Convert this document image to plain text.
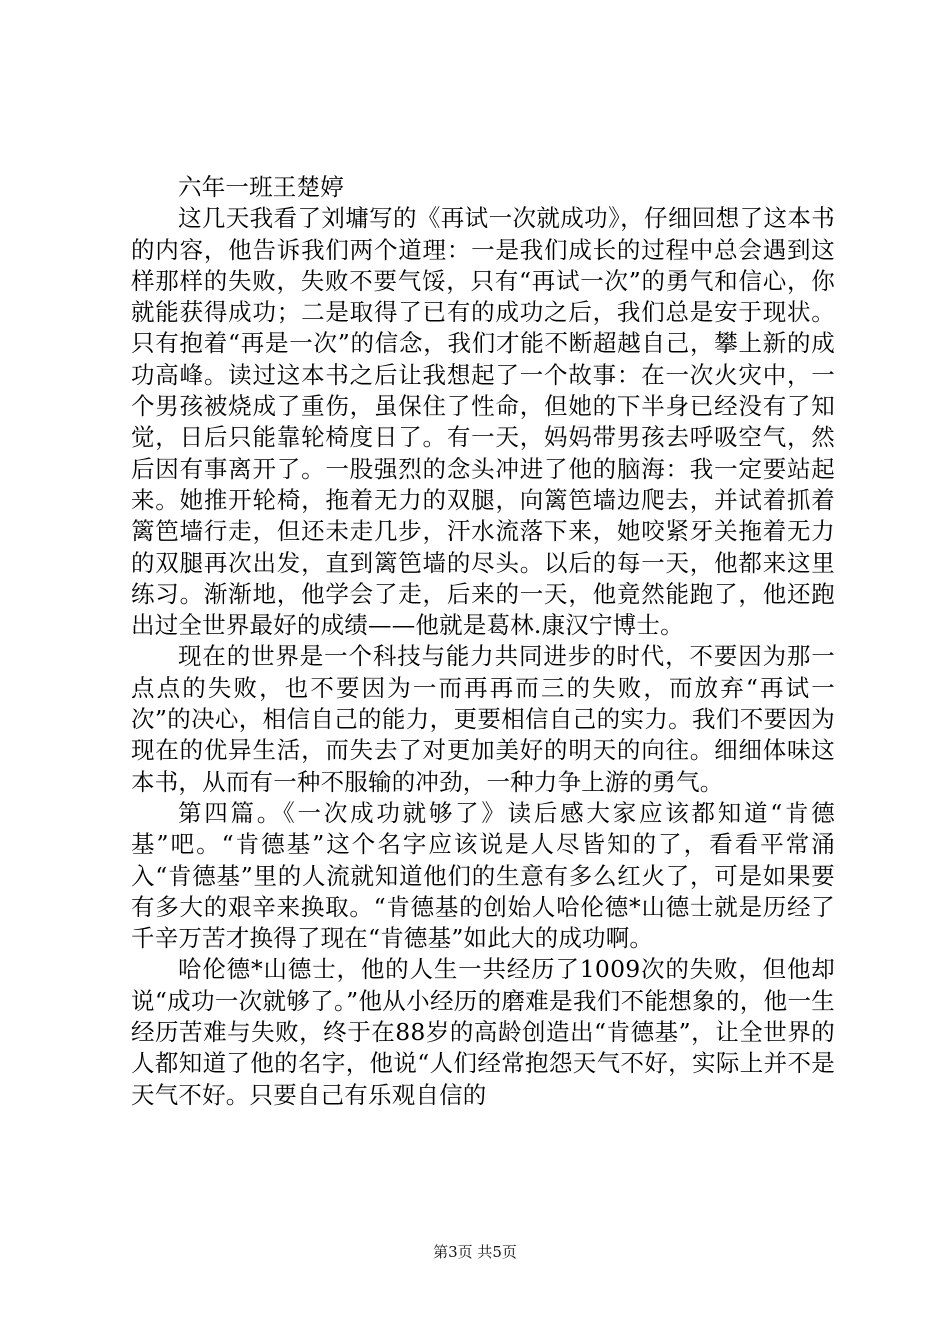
六年一班王楚婷

这几天我看了刘墉写的《再试一次就成功》，仔细回想了这本书的内容，他告诉我们两个道理：一是我们成长的过程中总会遇到这样那样的失败，失败不要气馁，只有“再试一次”的勇气和信心，你就能获得成功；二是取得了已有的成功之后，我们总是安于现状。只有抱着“再是一次”的信念，我们才能不断超越自己，攀上新的成功高峰。读过这本书之后让我想起了一个故事：在一次火灾中，一个男孩被烧成了重伤，虽保住了性命，但她的下半身已经没有了知觉，日后只能靠轮椅度日了。有一天，妈妈带男孩去呼吸空气，然后因有事离开了。一股强烈的念头冲进了他的脑海：我一定要站起来。她推开轮椅，拖着无力的双腿，向篱笆墙边爬去，并试着抓着篱笆墙行走，但还未走几步，汗水流落下来，她咬紧牙关拖着无力的双腿再次出发，直到篱笆墙的尽头。以后的每一天，他都来这里练习。渐渐地，他学会了走，后来的一天，他竟然能跑了，他还跑出过全世界最好的成绩——他就是葛林.康汉宁博士。

现在的世界是一个科技与能力共同进步的时代，不要因为那一点点的失败，也不要因为一而再再而三的失败，而放弃“再试一次”的决心，相信自己的能力，更要相信自己的实力。我们不要因为现在的优异生活，而失去了对更加美好的明天的向往。细细体味这本书，从而有一种不服输的冲劲，一种力争上游的勇气。

第四篇。《一次成功就够了》读后感大家应该都知道“肯德基”吧。“肯德基”这个名字应该说是人尽皆知的了，看看平常涌入“肯德基”里的人流就知道他们的生意有多么红火了，可是如果要有多大的艰辛来换取。“肯德基的创始人哈伦德*山德士就是历经了千辛万苦才换得了现在“肯德基”如此大的成功啊。

哈伦德*山德士，他的人生一共经历了1009次的失败，但他却说“成功一次就够了。”他从小经历的磨难是我们不能想象的，他一生经历苦难与失败，终于在88岁的高龄创造出“肯德基”，让全世界的人都知道了他的名字，他说“人们经常抱怨天气不好，实际上并不是天气不好。只要自己有乐观自信的

第3页 共5页
